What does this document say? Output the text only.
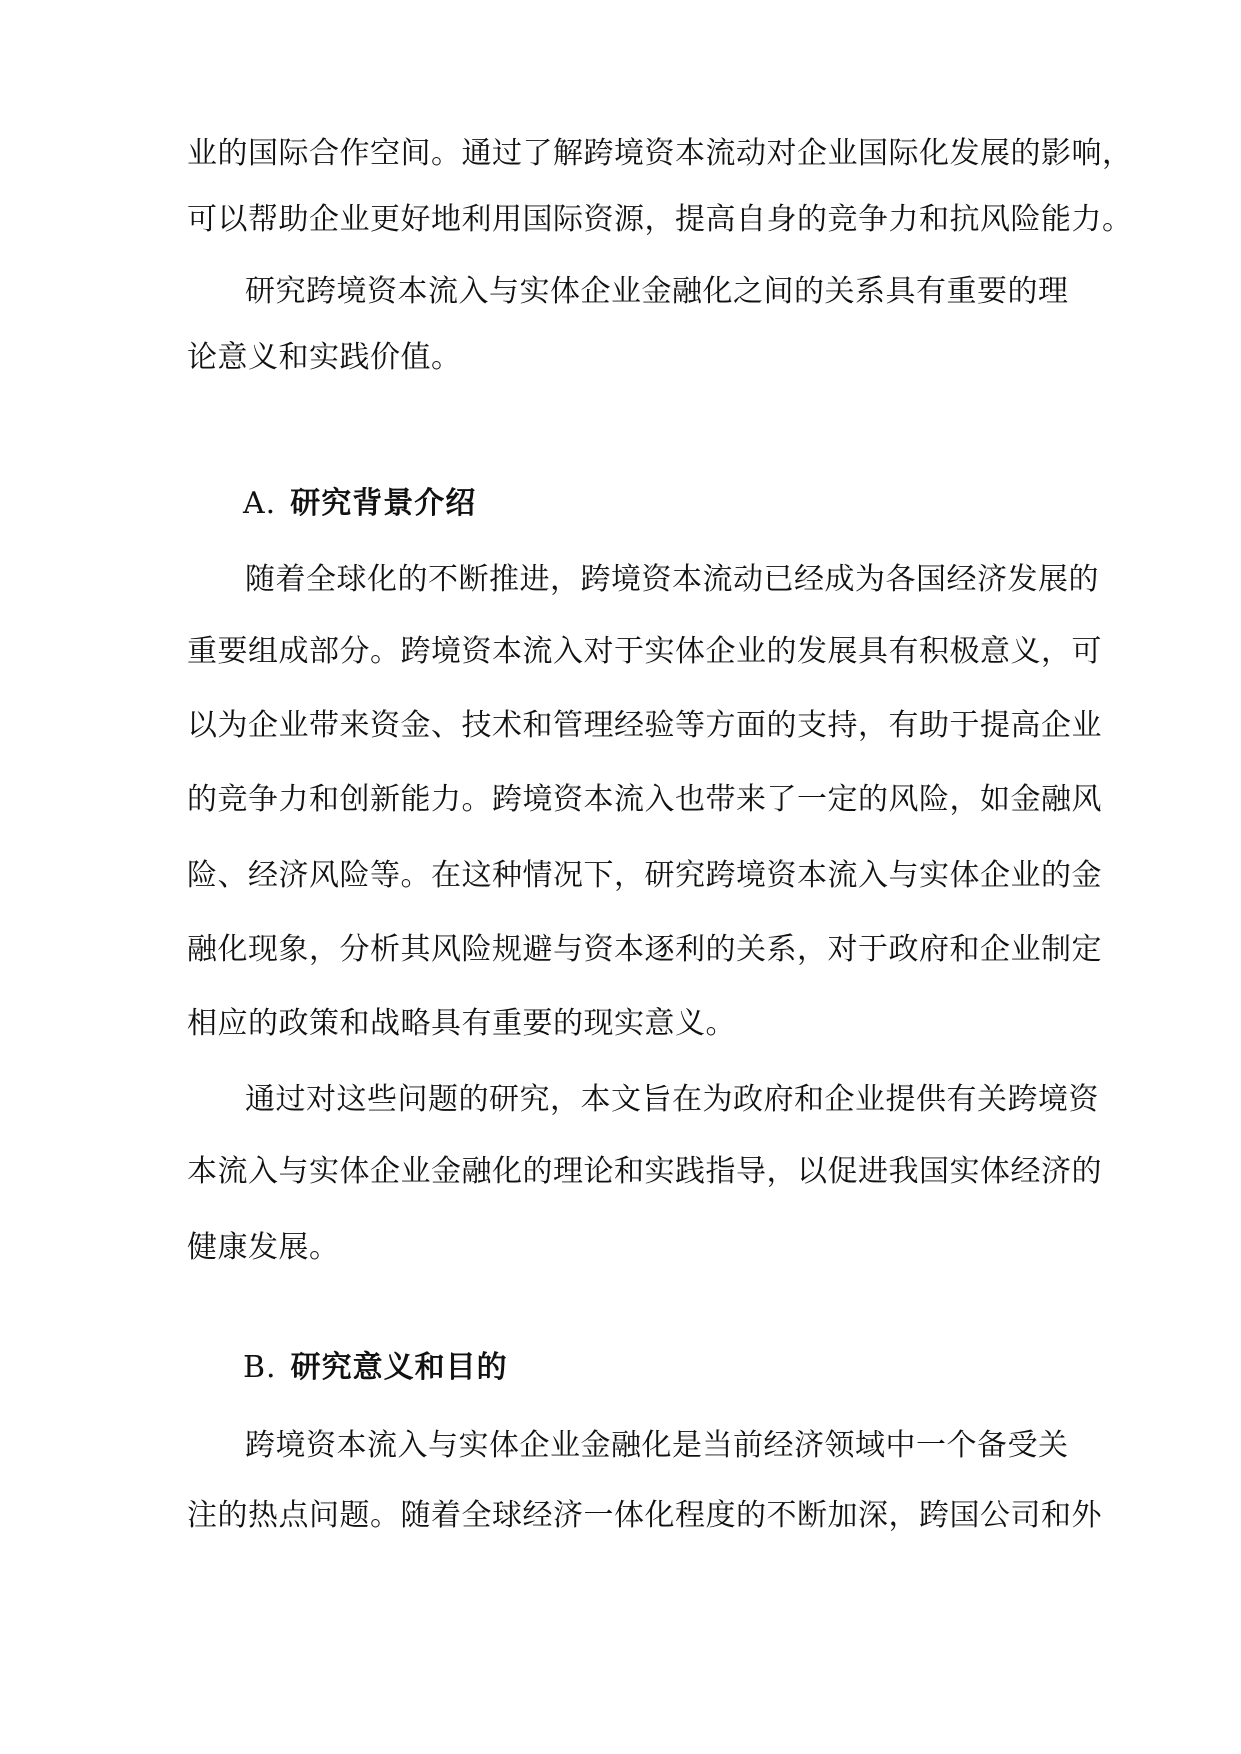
业的国际合作空间。通过了解跨境资本流动对企业国际化发展的影响，
可以帮助企业更好地利用国际资源，提高自身的竞争力和抗风险能力。
研究跨境资本流入与实体企业金融化之间的关系具有重要的理
论意义和实践价值。
A. 研究背景介绍
随着全球化的不断推进，跨境资本流动已经成为各国经济发展的
重要组成部分。跨境资本流入对于实体企业的发展具有积极意义，可
以为企业带来资金、技术和管理经验等方面的支持，有助于提高企业
的竞争力和创新能力。跨境资本流入也带来了一定的风险，如金融风
险、经济风险等。在这种情况下，研究跨境资本流入与实体企业的金
融化现象，分析其风险规避与资本逐利的关系，对于政府和企业制定
相应的政策和战略具有重要的现实意义。
通过对这些问题的研究，本文旨在为政府和企业提供有关跨境资
本流入与实体企业金融化的理论和实践指导，以促进我国实体经济的
健康发展。
B. 研究意义和目的
跨境资本流入与实体企业金融化是当前经济领域中一个备受关
注的热点问题。随着全球经济一体化程度的不断加深，跨国公司和外
